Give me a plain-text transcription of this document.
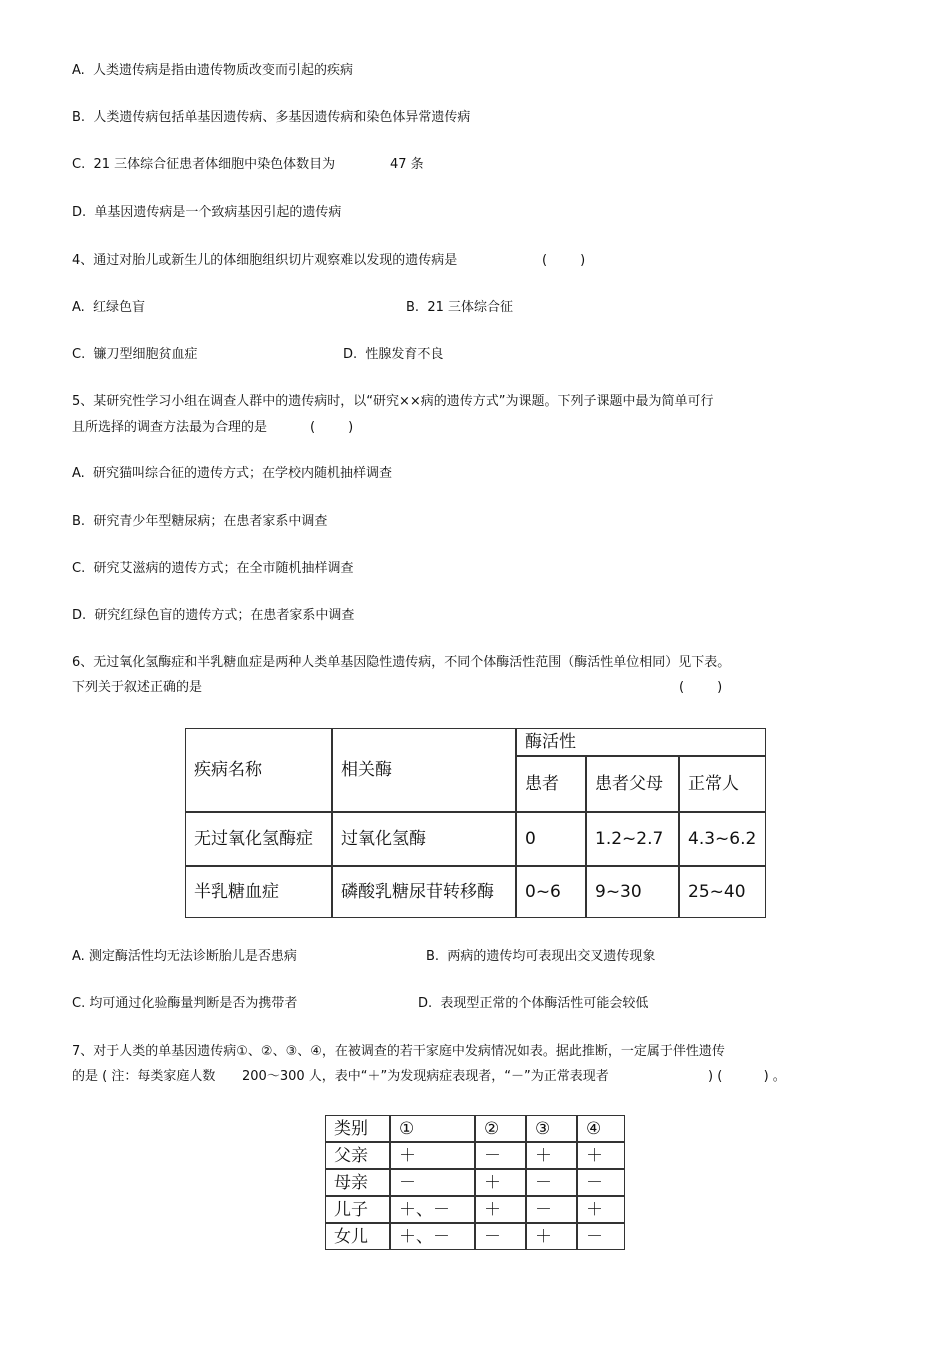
A.  人类遗传病是指由遗传物质改变而引起的疾病
B.  人类遗传病包括单基因遗传病、多基因遗传病和染色体异常遗传病
C.  21 三体综合征患者体细胞中染色体数目为	47 条
D.  单基因遗传病是一个致病基因引起的遗传病
4、通过对胎儿或新生儿的体细胞组织切片观察难以发现的遗传病是	(        )
A.  红绿色盲	B.  21 三体综合征
C.  镰刀型细胞贫血症	D.  性腺发育不良
5、某研究性学习小组在调查人群中的遗传病时，以“研究××病的遗传方式”为课题。下列子课题中最为简单可行
且所选择的调查方法最为合理的是	(        )
A.  研究猫叫综合征的遗传方式；在学校内随机抽样调查
B.  研究青少年型糖尿病；在患者家系中调查
C.  研究艾滋病的遗传方式；在全市随机抽样调查
D.  研究红绿色盲的遗传方式；在患者家系中调查
6、无过氧化氢酶症和半乳糖血症是两种人类单基因隐性遗传病，不同个体酶活性范围（酶活性单位相同）见下表。
下列关于叙述正确的是	(        )
疾病名称	相关酶	酶活性		
		患者	患者父母	正常人
无过氧化氢酶症	过氧化氢酶	0	1.2~2.7	4.3~6.2
半乳糖血症	磷酸乳糖尿苷转移酶	0~6	9~30	25~40
A. 测定酶活性均无法诊断胎儿是否患病	B.  两病的遗传均可表现出交叉遗传现象
C. 均可通过化验酶量判断是否为携带者	D.  表现型正常的个体酶活性可能会较低
7、对于人类的单基因遗传病①、②、③、④，在被调查的若干家庭中发病情况如表。据此推断，一定属于伴性遗传
的是 ( 注：每类家庭人数 200～300 人，表中“＋”为发现病症表现者，“－”为正常表现者	) (          ) 。
类别	①	②	③	④
父亲	＋	－	＋	＋
母亲	－	＋	－	－
儿子	＋、－	＋	－	＋
女儿	＋、－	－	＋	－
